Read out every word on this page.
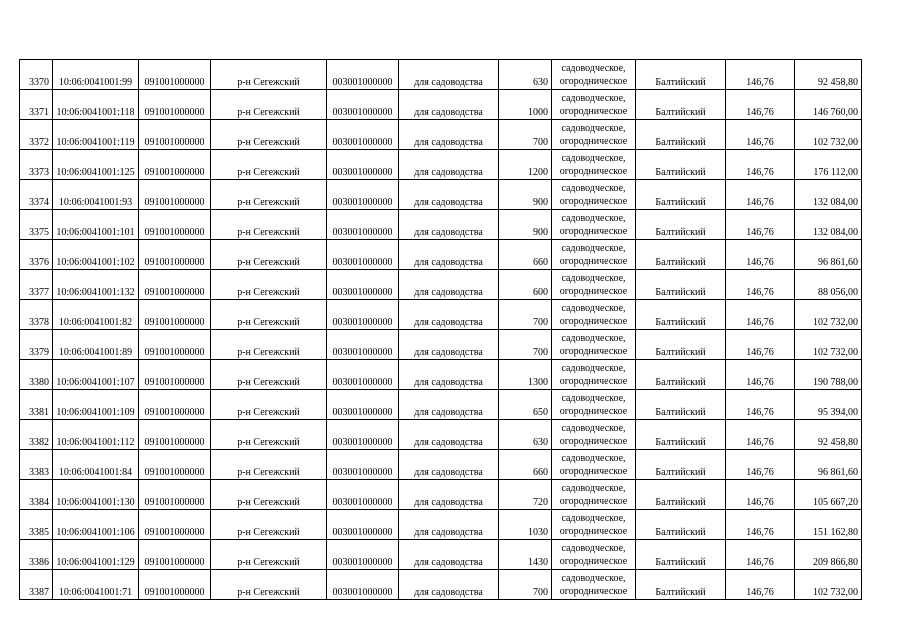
3370	10:06:0041001:99	091001000000	р-н Сегежский	003001000000	для садоводства	630	садоводческое,
огородническое	Балтийский	146,76	92 458,80
3371	10:06:0041001:118	091001000000	р-н Сегежский	003001000000	для садоводства	1000	садоводческое,
огородническое	Балтийский	146,76	146 760,00
3372	10:06:0041001:119	091001000000	р-н Сегежский	003001000000	для садоводства	700	садоводческое,
огородническое	Балтийский	146,76	102 732,00
3373	10:06:0041001:125	091001000000	р-н Сегежский	003001000000	для садоводства	1200	садоводческое,
огородническое	Балтийский	146,76	176 112,00
3374	10:06:0041001:93	091001000000	р-н Сегежский	003001000000	для садоводства	900	садоводческое,
огородническое	Балтийский	146,76	132 084,00
3375	10:06:0041001:101	091001000000	р-н Сегежский	003001000000	для садоводства	900	садоводческое,
огородническое	Балтийский	146,76	132 084,00
3376	10:06:0041001:102	091001000000	р-н Сегежский	003001000000	для садоводства	660	садоводческое,
огородническое	Балтийский	146,76	96 861,60
3377	10:06:0041001:132	091001000000	р-н Сегежский	003001000000	для садоводства	600	садоводческое,
огородническое	Балтийский	146,76	88 056,00
3378	10:06:0041001:82	091001000000	р-н Сегежский	003001000000	для садоводства	700	садоводческое,
огородническое	Балтийский	146,76	102 732,00
3379	10:06:0041001:89	091001000000	р-н Сегежский	003001000000	для садоводства	700	садоводческое,
огородническое	Балтийский	146,76	102 732,00
3380	10:06:0041001:107	091001000000	р-н Сегежский	003001000000	для садоводства	1300	садоводческое,
огородническое	Балтийский	146,76	190 788,00
3381	10:06:0041001:109	091001000000	р-н Сегежский	003001000000	для садоводства	650	садоводческое,
огородническое	Балтийский	146,76	95 394,00
3382	10:06:0041001:112	091001000000	р-н Сегежский	003001000000	для садоводства	630	садоводческое,
огородническое	Балтийский	146,76	92 458,80
3383	10:06:0041001:84	091001000000	р-н Сегежский	003001000000	для садоводства	660	садоводческое,
огородническое	Балтийский	146,76	96 861,60
3384	10:06:0041001:130	091001000000	р-н Сегежский	003001000000	для садоводства	720	садоводческое,
огородническое	Балтийский	146,76	105 667,20
3385	10:06:0041001:106	091001000000	р-н Сегежский	003001000000	для садоводства	1030	садоводческое,
огородническое	Балтийский	146,76	151 162,80
3386	10:06:0041001:129	091001000000	р-н Сегежский	003001000000	для садоводства	1430	садоводческое,
огородническое	Балтийский	146,76	209 866,80
3387	10:06:0041001:71	091001000000	р-н Сегежский	003001000000	для садоводства	700	садоводческое,
огородническое	Балтийский	146,76	102 732,00
